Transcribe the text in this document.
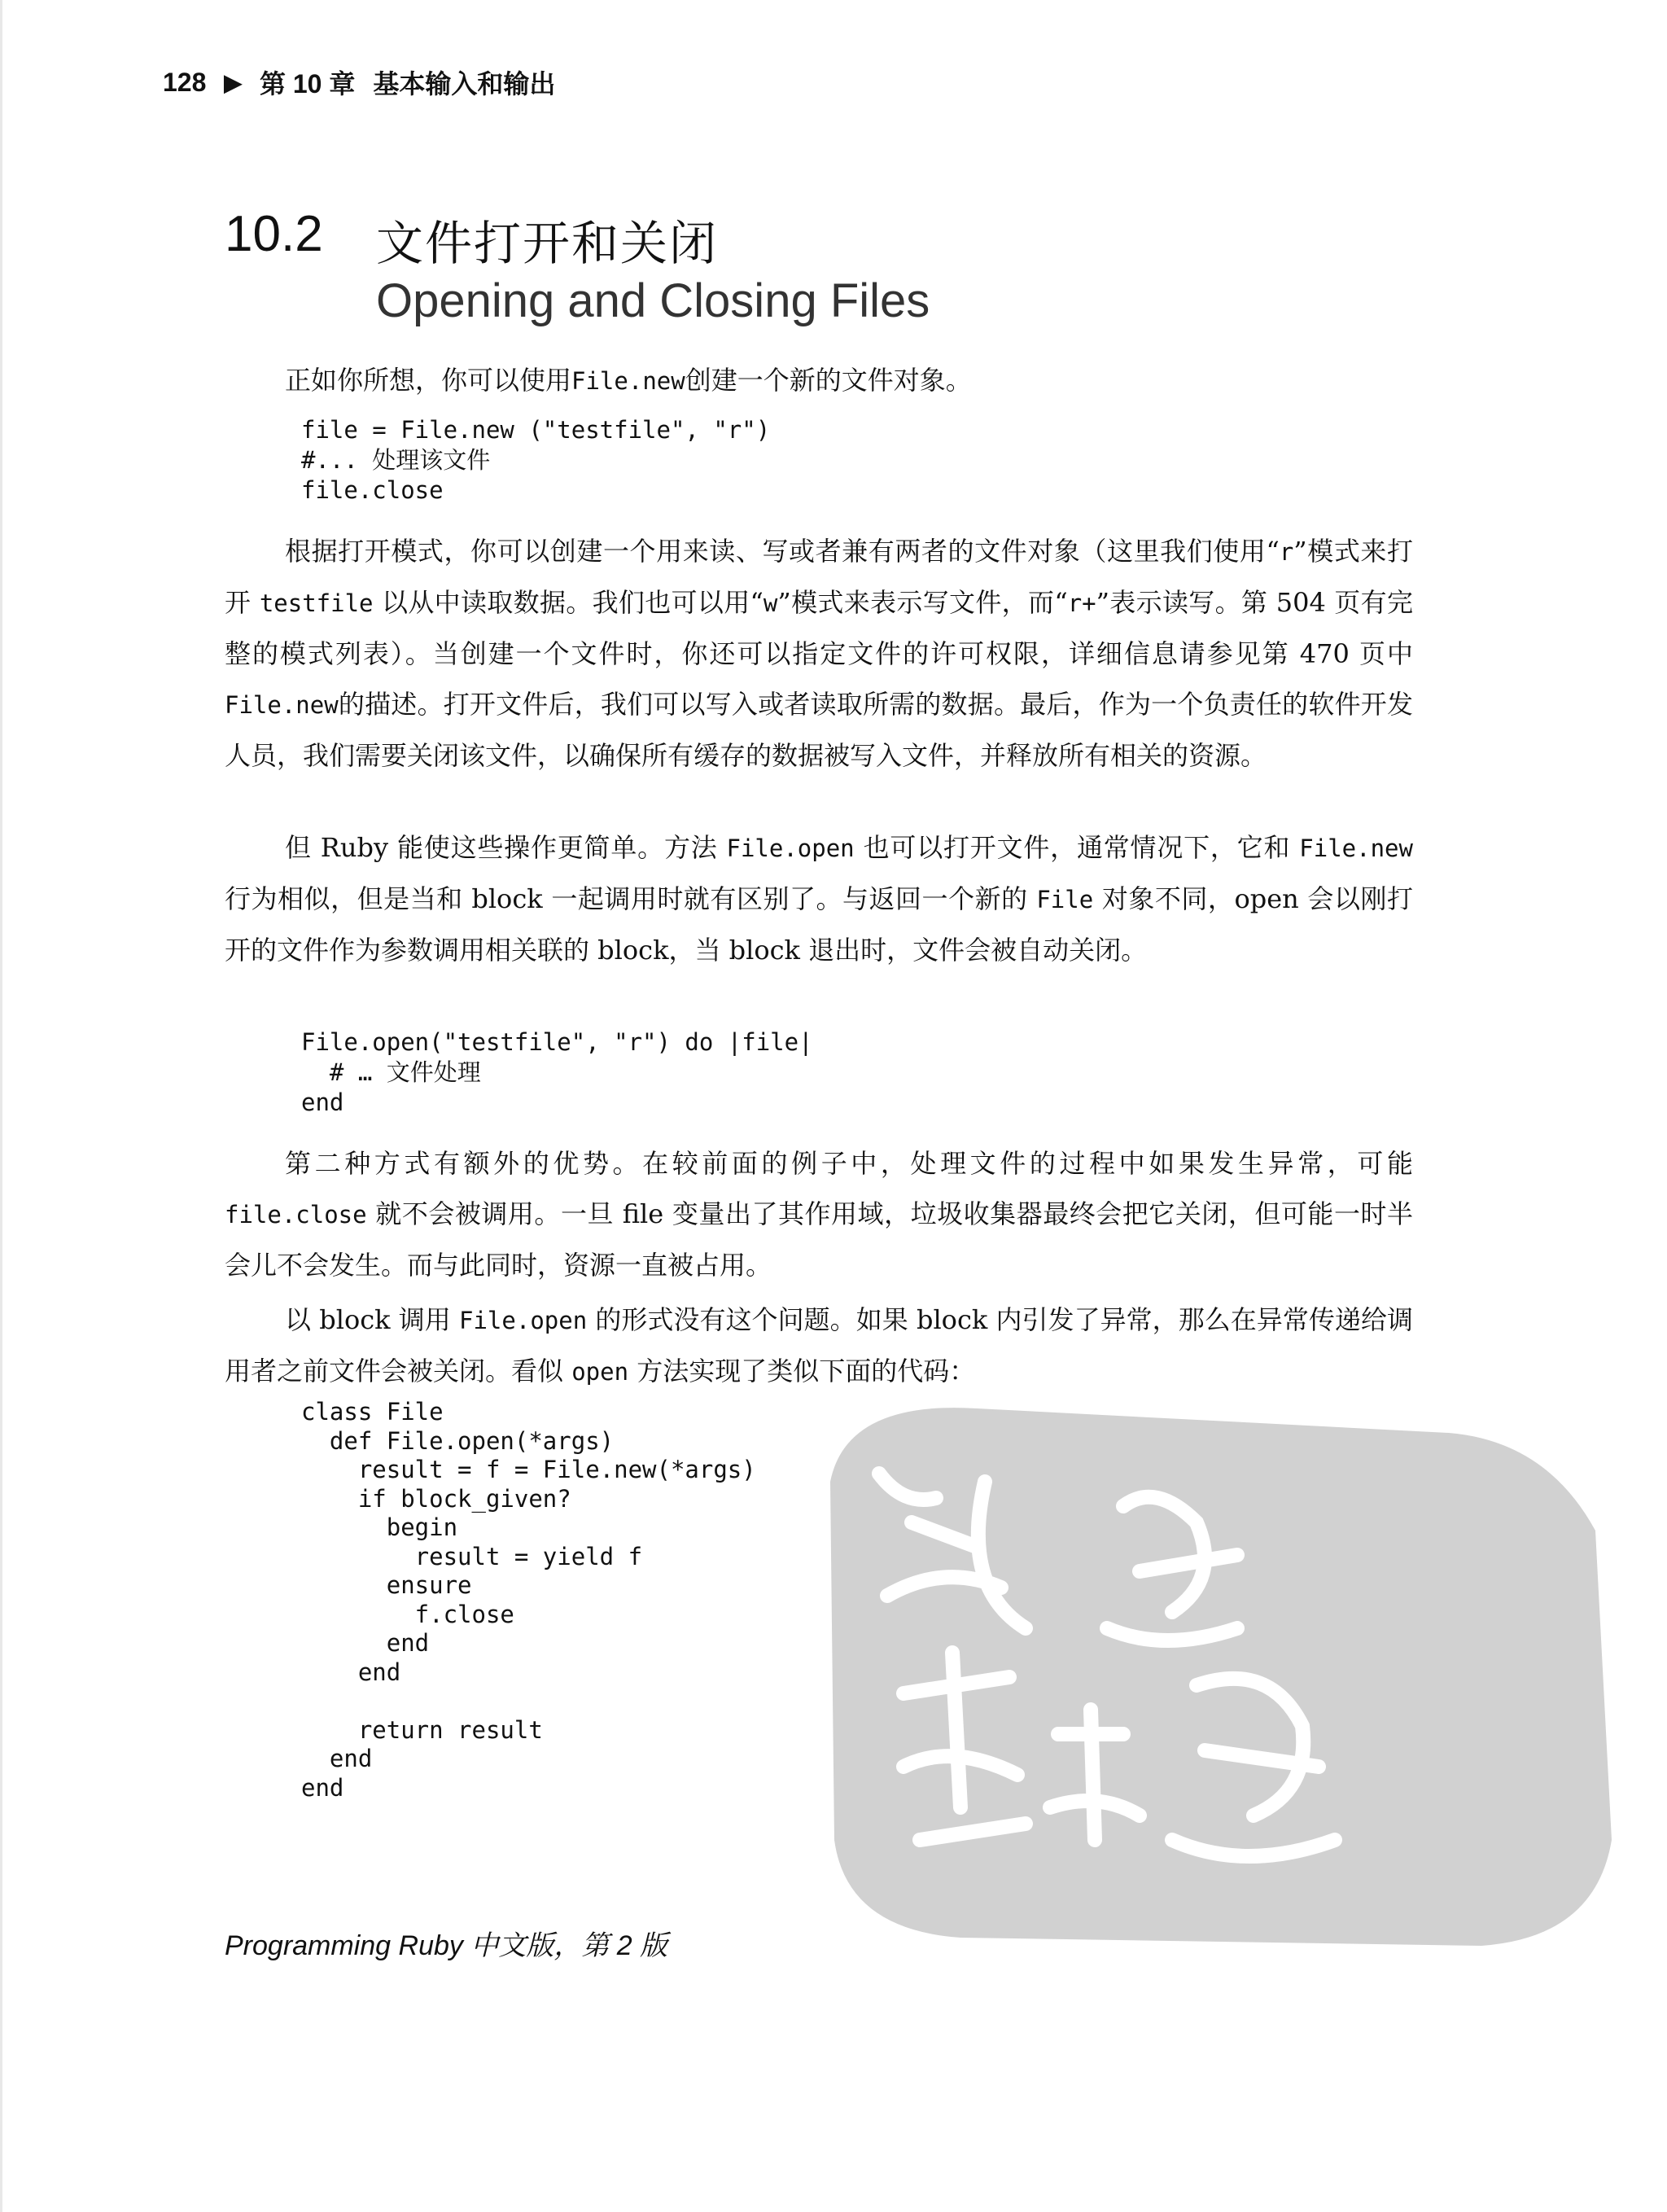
128 ▶ 第 10 章 基本输入和输出
10.2 文件打开和关闭
Opening and Closing Files

正如你所想，你可以使用File.new创建一个新的文件对象。

file = File.new ("testfile", "r")
#... 处理该文件
file.close

根据打开模式，你可以创建一个用来读、写或者兼有两者的文件对象（这里我们使用“r”模式来打开 testfile 以从中读取数据。我们也可以用“w”模式来表示写文件，而“r+”表示读写。第 504 页有完整的模式列表）。当创建一个文件时，你还可以指定文件的许可权限，详细信息请参见第 470 页中File.new的描述。打开文件后，我们可以写入或者读取所需的数据。最后，作为一个负责任的软件开发人员，我们需要关闭该文件，以确保所有缓存的数据被写入文件，并释放所有相关的资源。

但 Ruby 能使这些操作更简单。方法 File.open 也可以打开文件，通常情况下，它和 File.new 行为相似，但是当和 block 一起调用时就有区别了。与返回一个新的 File 对象不同，open 会以刚打开的文件作为参数调用相关联的 block，当 block 退出时，文件会被自动关闭。

File.open("testfile", "r") do |file|
# … 文件处理
end

第二种方式有额外的优势。在较前面的例子中，处理文件的过程中如果发生异常，可能 file.close 就不会被调用。一旦 file 变量出了其作用域，垃圾收集器最终会把它关闭，但可能一时半会儿不会发生。而与此同时，资源一直被占用。

以 block 调用 File.open 的形式没有这个问题。如果 block 内引发了异常，那么在异常传递给调用者之前文件会被关闭。看似 open 方法实现了类似下面的代码：

class File
def File.open(*args)
result = f = File.new(*args)
if block_given?
begin
result = yield f
ensure
f.close
end
end

return result
end
end
Programming Ruby 中文版，第 2 版
